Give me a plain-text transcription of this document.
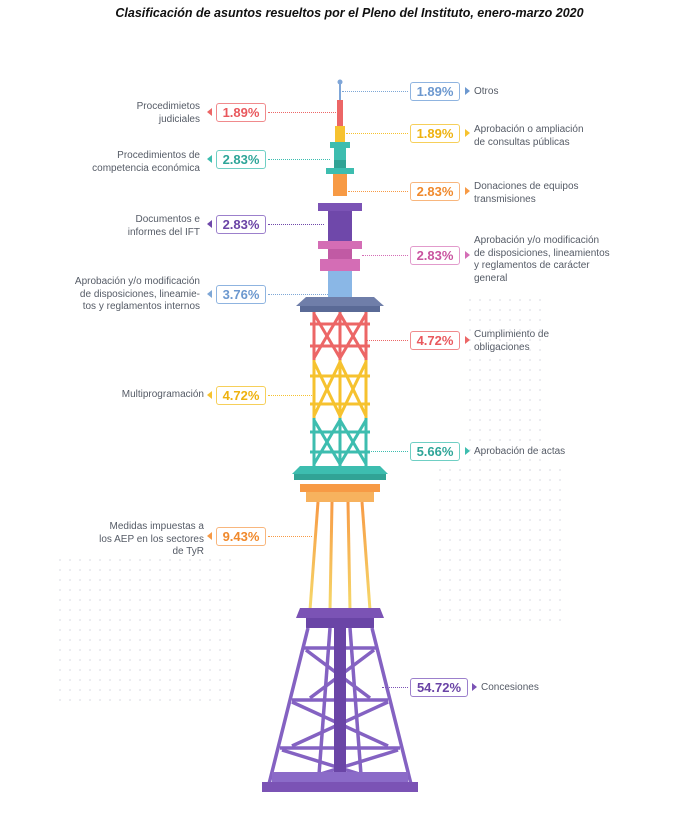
Clasificación de asuntos resueltos por el Pleno del Instituto, enero-marzo 2020
1.89%	Otros
Procedimietos
judiciales	1.89%
1.89%	Aprobación o ampliación
de consultas públicas
Procedimientos de
competencia económica
2.83%
2.83%	Donaciones de equipos
transmisiones
Documentos e
informes del IFT	2.83%
2.83%
Aprobación y/o modificación
de disposiciones, lineamientos
y reglamentos de carácter
general
Aprobación y/o modificación
de disposiciones, lineamie-
tos y reglamentos internos
3.76%
4.72%	Cumplimiento de
obligaciones
Multiprogramación	4.72%
5.66%	Aprobación de actas
Medidas impuestas a
los AEP en los sectores
de TyR
9.43%
54.72%	Concesiones
